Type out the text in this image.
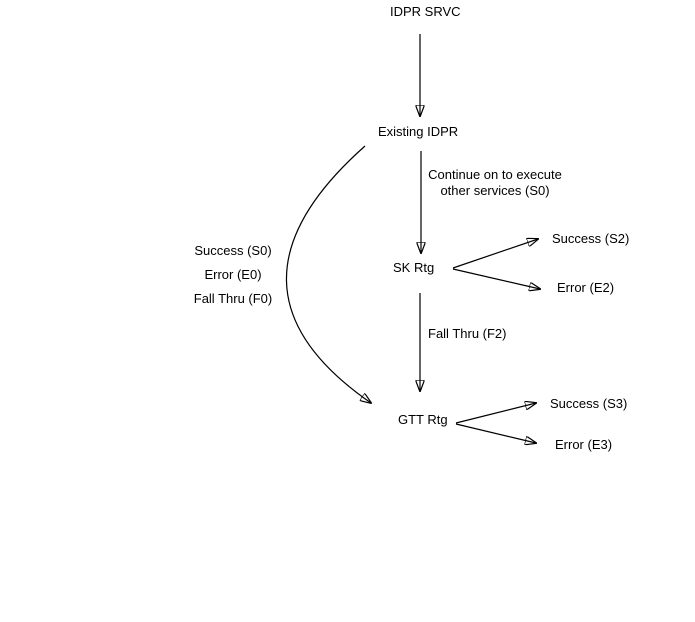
IDPR SRVC
Existing IDPR
SK Rtg
GTT Rtg
Continue on to execute
other services (S0)
Success (S2)
Error (E2)
Fall Thru (F2)
Success (S3)
Error (E3)
Success (S0)
Error (E0)
Fall Thru (F0)
